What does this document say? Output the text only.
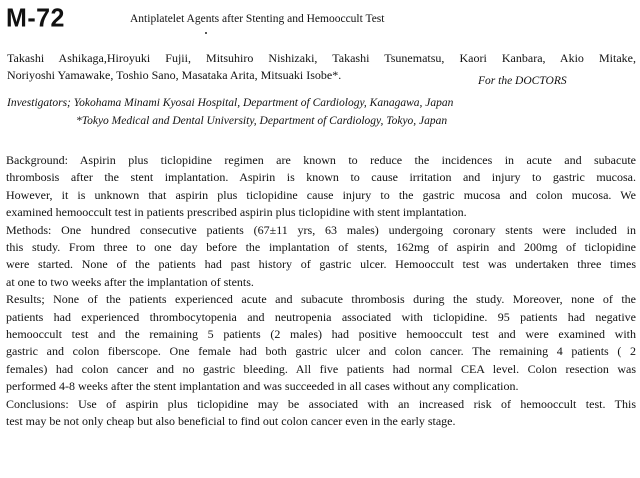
M-72	Antiplatelet Agents after Stenting and Hemooccult Test

Takashi Ashikaga,Hiroyuki Fujii, Mitsuhiro Nishizaki, Takashi Tsunematsu, Kaori Kanbara, Akio Mitake,

Noriyoshi Yamawake, Toshio Sano, Masataka Arita, Mitsuaki Isobe*.	For the DOCTORS
Investigators; Yokohama Minami Kyosai Hospital, Department of Cardiology, Kanagawa, Japan
*Tokyo Medical and Dental University, Department of Cardiology, Tokyo, Japan

Background: Aspirin plus ticlopidine regimen are known to reduce the incidences in acute and subacute
thrombosis after the stent implantation. Aspirin is known to cause irritation and injury to gastric mucosa.
However, it is unknown that aspirin plus ticlopidine cause injury to the gastric mucosa and colon mucosa. We
examined hemooccult test in patients prescribed aspirin plus ticlopidine with stent implantation.

Methods: One hundred consecutive patients (67±11 yrs, 63 males) undergoing coronary stents were included in
this study. From three to one day before the implantation of stents, 162mg of aspirin and 200mg of ticlopidine
were started. None of the patients had past history of gastric ulcer. Hemooccult test was undertaken three times
at one to two weeks after the implantation of stents.

Results; None of the patients experienced acute and subacute thrombosis during the study. Moreover, none of the
patients had experienced thrombocytopenia and neutropenia associated with ticlopidine. 95 patients had negative
hemooccult test and the remaining 5 patients (2 males) had positive hemooccult test and were examined with
gastric and colon fiberscope. One female had both gastric ulcer and colon cancer. The remaining 4 patients ( 2
females) had colon cancer and no gastric bleeding. All five patients had normal CEA level. Colon resection was
performed 4-8 weeks after the stent implantation and was succeeded in all cases without any complication.

Conclusions: Use of aspirin plus ticlopidine may be associated with an increased risk of hemooccult test. This
test may be not only cheap but also beneficial to find out colon cancer even in the early stage.
